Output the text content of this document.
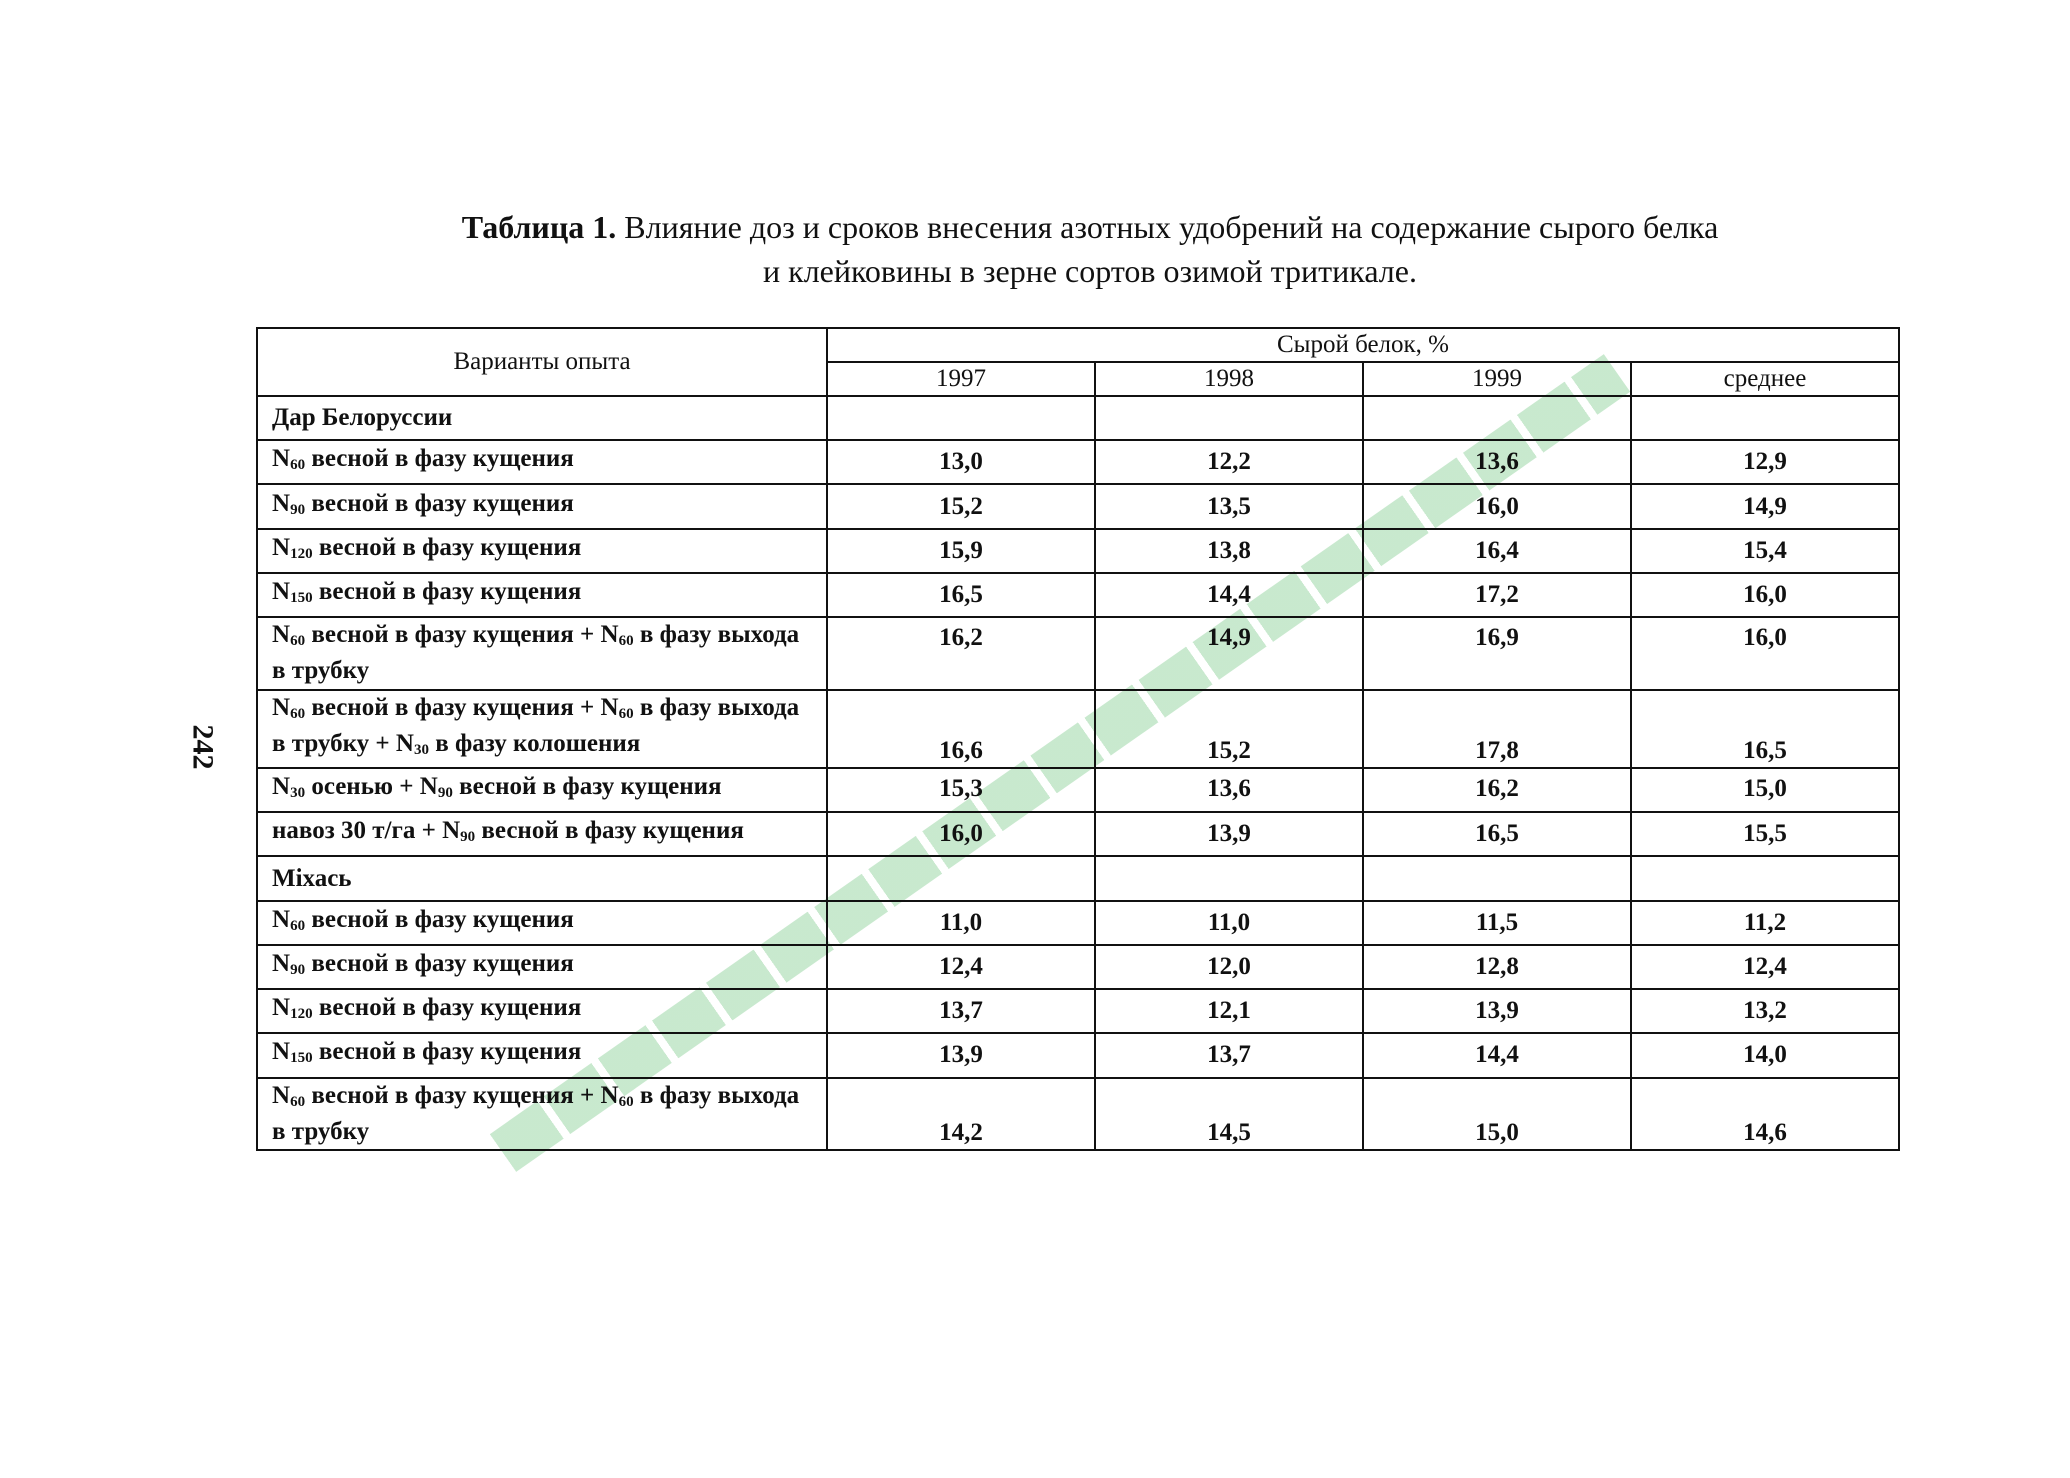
Таблица 1. Влияние доз и сроков внесения азотных удобрений на содержание сырого белка
и клейковины в зерне сортов озимой тритикале.
242
Варианты опыта	Сырой белок, %			
	1997	1998	1999	среднее
Дар Белоруссии				
$N_{60}$ весной в фазу кущения	13,0	12,2	13,6	12,9
$N_{90}$ весной в фазу кущения	15,2	13,5	16,0	14,9
$N_{120}$ весной в фазу кущения	15,9	13,8	16,4	15,4
$N_{150}$ весной в фазу кущения	16,5	14,4	17,2	16,0
$N_{60}$ весной в фазу кущения + $N_{60}$ в фазу выхода в трубку	16,2	14,9	16,9	16,0
$N_{60}$ весной в фазу кущения + $N_{60}$ в фазу выхода в трубку + $N_{30}$ в фазу колошения	16,6	15,2	17,8	16,5
$N_{30}$ осенью + $N_{90}$ весной в фазу кущения	15,3	13,6	16,2	15,0
навоз 30 $т/га + N_{90}$ весной в фазу кущения	16,0	13,9	16,5	15,5
Міхась				
$N_{60}$ весной в фазу кущения	11,0	11,0	11,5	11,2
$N_{90}$ весной в фазу кущения	12,4	12,0	12,8	12,4
$N_{120}$ весной в фазу кущения	13,7	12,1	13,9	13,2
$N_{150}$ весной в фазу кущения	13,9	13,7	14,4	14,0
$N_{60}$ весной в фазу кущения + $N_{60}$ в фазу выхода в трубку	14,2	14,5	15,0	14,6
